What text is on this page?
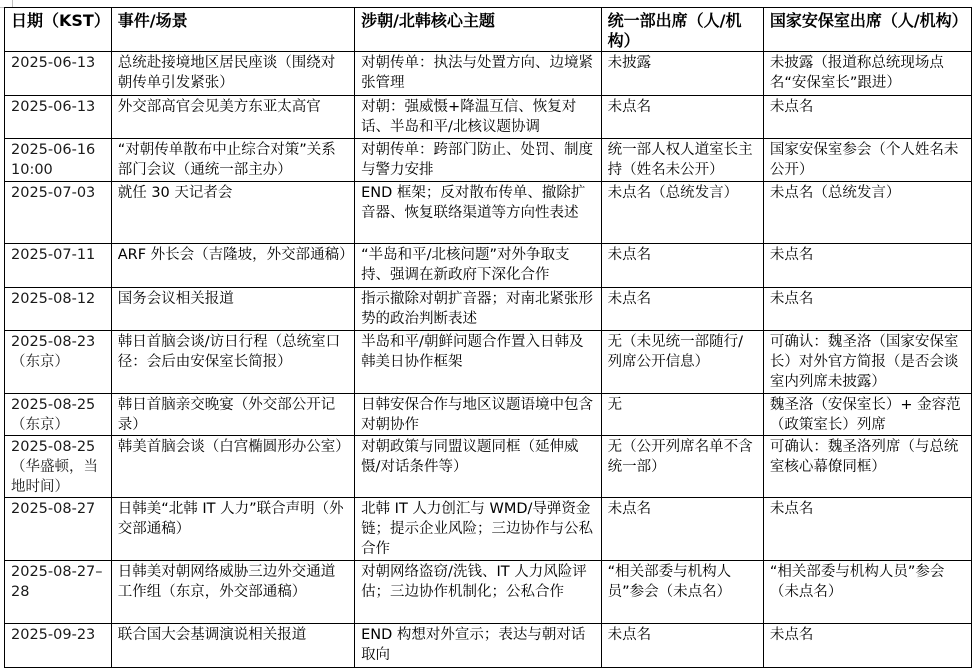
日期（KST）	事件/场景	涉朝/北韩核心主题	统一部出席（人/机构）	国家安保室出席（人/机构）
2025-06-13	总统赴接境地区居民座谈（围绕对朝传单引发紧张）	对朝传单：执法与处置方向、边境紧张管理	未披露	未披露（报道称总统现场点名“安保室长”跟进）
2025-06-13	外交部高官会见美方东亚太高官	对朝：强威慑+降温互信、恢复对话、半岛和平/北核议题协调	未点名	未点名
2025-06-16 10:00	“对朝传单散布中止综合对策”关系部门会议（通统一部主办）	对朝传单：跨部门防止、处罚、制度与警力安排	统一部人权人道室长主持（姓名未公开）	国家安保室参会（个人姓名未公开）
2025-07-03	就任 30 天记者会	END 框架；反对散布传单、撤除扩音器、恢复联络渠道等方向性表述	未点名（总统发言）	未点名（总统发言）
2025-07-11	ARF 外长会（吉隆坡，外交部通稿）	“半岛和平/北核问题”对外争取支持、强调在新政府下深化合作	未点名	未点名
2025-08-12	国务会议相关报道	指示撤除对朝扩音器；对南北紧张形势的政治判断表述	未点名	未点名
2025-08-23（东京）	韩日首脑会谈/访日行程（总统室口径：会后由安保室长简报）	半岛和平/朝鲜问题合作置入日韩及韩美日协作框架	无（未见统一部随行/列席公开信息）	可确认：魏圣洛（国家安保室长）对外官方简报（是否会谈室内列席未披露）
2025-08-25（东京）	韩日首脑亲交晚宴（外交部公开记录）	日韩安保合作与地区议题语境中包含对朝协作	无	魏圣洛（安保室长）+ 金容范（政策室长）列席
2025-08-25（华盛顿，当地时间）	韩美首脑会谈（白宫椭圆形办公室）	对朝政策与同盟议题同框（延伸威慑/对话条件等）	无（公开列席名单不含统一部）	可确认：魏圣洛列席（与总统室核心幕僚同框）
2025-08-27	日韩美“北韩 IT 人力”联合声明（外交部通稿）	北韩 IT 人力创汇与 WMD/导弹资金链；提示企业风险；三边协作与公私合作	未点名	未点名
2025-08-27–28	日韩美对朝网络威胁三边外交通道工作组（东京，外交部通稿）	对朝网络盗窃/洗钱、IT 人力风险评估；三边协作机制化；公私合作	“相关部委与机构人员”参会（未点名）	“相关部委与机构人员”参会（未点名）
2025-09-23	联合国大会基调演说相关报道	END 构想对外宣示；表达与朝对话取向	未点名	未点名
